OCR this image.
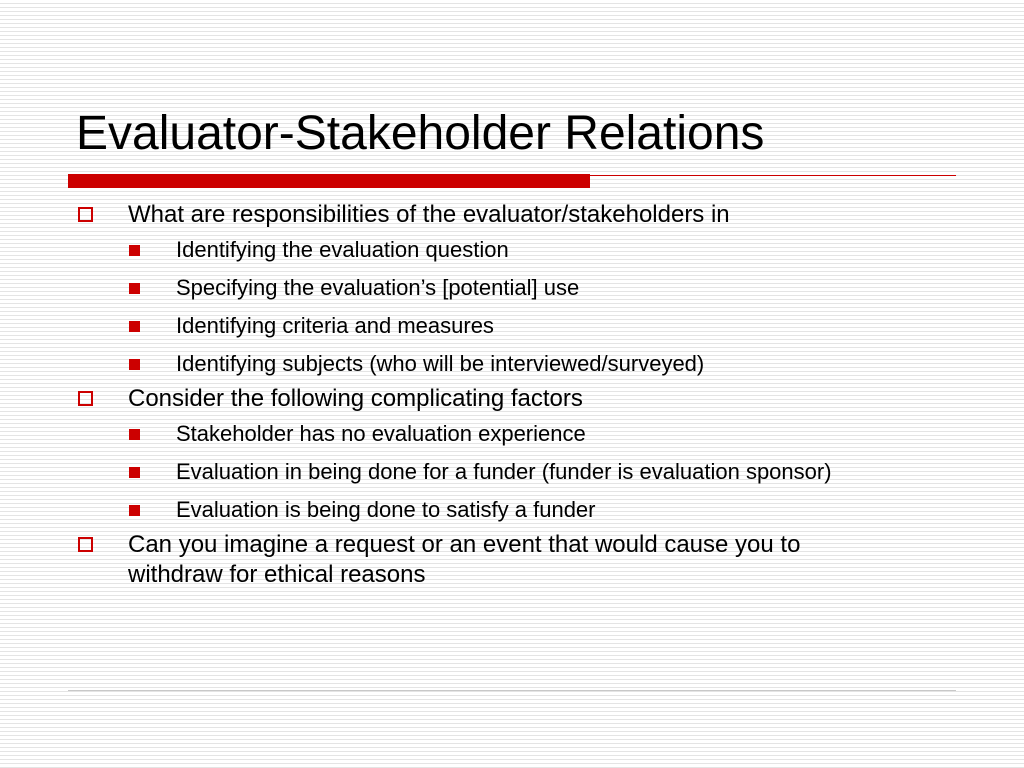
Evaluator-Stakeholder Relations
What are responsibilities of the evaluator/stakeholders in
Identifying the evaluation question
Specifying the evaluation’s [potential] use
Identifying criteria and measures
Identifying subjects (who will be interviewed/surveyed)
Consider the following complicating factors
Stakeholder has no evaluation experience
Evaluation in being done for a funder (funder is evaluation sponsor)
Evaluation is being done to satisfy a funder
Can you imagine a request or an event that would cause you to withdraw for ethical reasons
